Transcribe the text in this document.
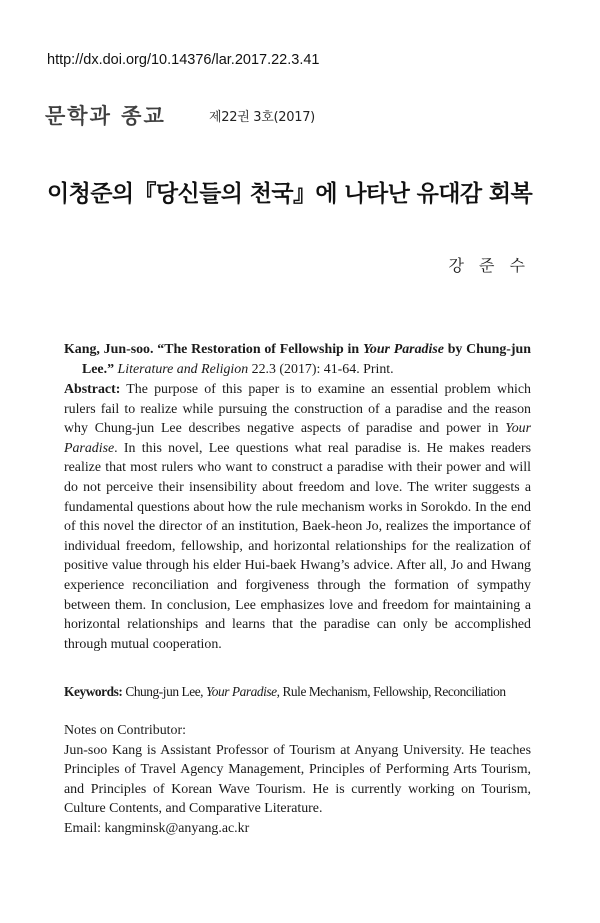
http://dx.doi.org/10.14376/lar.2017.22.3.41
문학과 종교	제22권 3호(2017)
이청준의『당신들의 천국』에 나타난 유대감 회복
강 준 수
Kang, Jun-soo. “The Restoration of Fellowship in Your Paradise by Chung-jun
Lee.” Literature and Religion 22.3 (2017): 41-64. Print.
Abstract: The purpose of this paper is to examine an essential problem which rulers fail to realize while pursuing the construction of a paradise and the reason why Chung-jun Lee describes negative aspects of paradise and power in Your Paradise. In this novel, Lee questions what real paradise is. He makes readers realize that most rulers who want to construct a paradise with their power and will do not perceive their insensibility about freedom and love. The writer suggests a fundamental questions about how the rule mechanism works in Sorokdo. In the end of this novel the director of an institution, Baek-heon Jo, realizes the importance of individual freedom, fellowship, and horizontal relationships for the realization of positive value through his elder Hui-baek Hwang’s advice. After all, Jo and Hwang experience reconciliation and forgiveness through the formation of sympathy between them. In conclusion, Lee emphasizes love and freedom for maintaining a horizontal relationships and learns that the paradise can only be accomplished through mutual cooperation.
Keywords: Chung-jun Lee, Your Paradise, Rule Mechanism, Fellowship, Reconciliation
Notes on Contributor:
Jun-soo Kang is Assistant Professor of Tourism at Anyang University. He teaches Principles of Travel Agency Management, Principles of Performing Arts Tourism, and Principles of Korean Wave Tourism. He is currently working on Tourism, Culture Contents, and Comparative Literature.
Email: kangminsk@anyang.ac.kr
